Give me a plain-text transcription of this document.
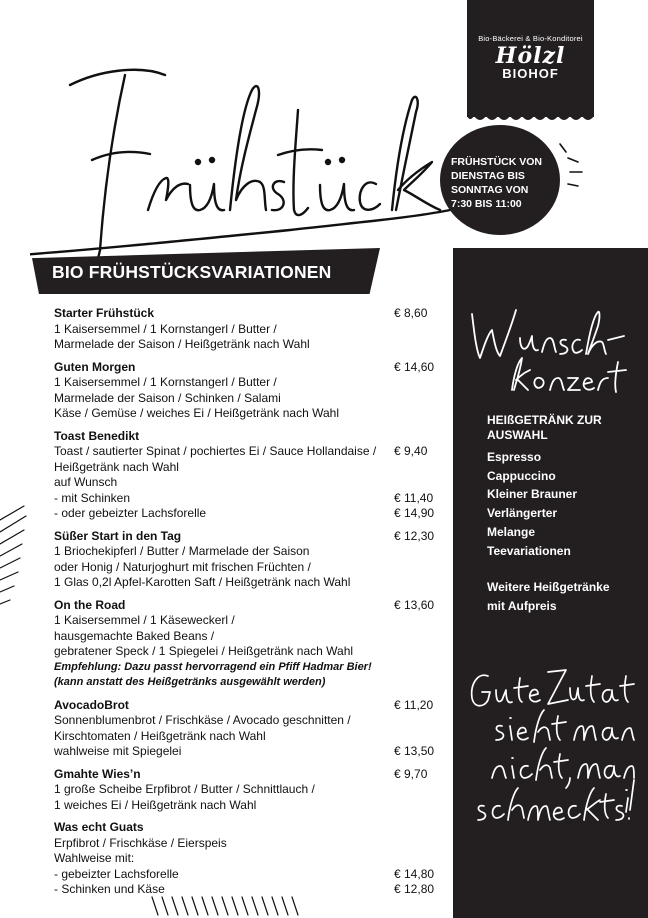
Bio-Bäckerei & Bio-Konditorei
Hölzl
BIOHOF
FRÜHSTÜCK VON
DIENSTAG BIS
SONNTAG VON
7:30 BIS 11:00
BIO FRÜHSTÜCKSVARIATIONEN
Starter Frühstück	€ 8,60
1 Kaisersemmel / 1 Kornstangerl / Butter /
Marmelade der Saison / Heißgetränk nach Wahl
Guten Morgen	€ 14,60
1 Kaisersemmel / 1 Kornstangerl / Butter /
Marmelade der Saison / Schinken / Salami
Käse / Gemüse / weiches Ei / Heißgetränk nach Wahl
Toast Benedikt
Toast / sautierter Spinat / pochiertes Ei / Sauce Hollandaise /	€ 9,40
Heißgetränk nach Wahl
auf Wunsch
- mit Schinken	€ 11,40
- oder gebeizter Lachsforelle	€ 14,90
Süßer Start in den Tag	€ 12,30
1 Briochekipferl / Butter / Marmelade der Saison
oder Honig / Naturjoghurt mit frischen Früchten /
1 Glas 0,2l Apfel-Karotten Saft / Heißgetränk nach Wahl
On the Road	€ 13,60
1 Kaisersemmel / 1 Käseweckerl /
hausgemachte Baked Beans /
gebratener Speck / 1 Spiegelei / Heißgetränk nach Wahl
Empfehlung: Dazu passt hervorragend ein Pfiff Hadmar Bier!
(kann anstatt des Heißgetränks ausgewählt werden)
AvocadoBrot	€ 11,20
Sonnenblumenbrot / Frischkäse / Avocado geschnitten /
Kirschtomaten / Heißgetränk nach Wahl
wahlweise mit Spiegelei	€ 13,50
Gmahte Wies’n	€ 9,70
1 große Scheibe Erpfibrot / Butter / Schnittlauch /
1 weiches Ei / Heißgetränk nach Wahl
Was echt Guats
Erpfibrot / Frischkäse / Eierspeis
Wahlweise mit:
- gebeizter Lachsforelle	€ 14,80
- Schinken und Käse	€ 12,80
HEIßGETRÄNK ZUR AUSWAHL
Espresso
Cappuccino
Kleiner Brauner
Verlängerter
Melange
Teevariationen
Weitere Heißgetränke
mit Aufpreis
